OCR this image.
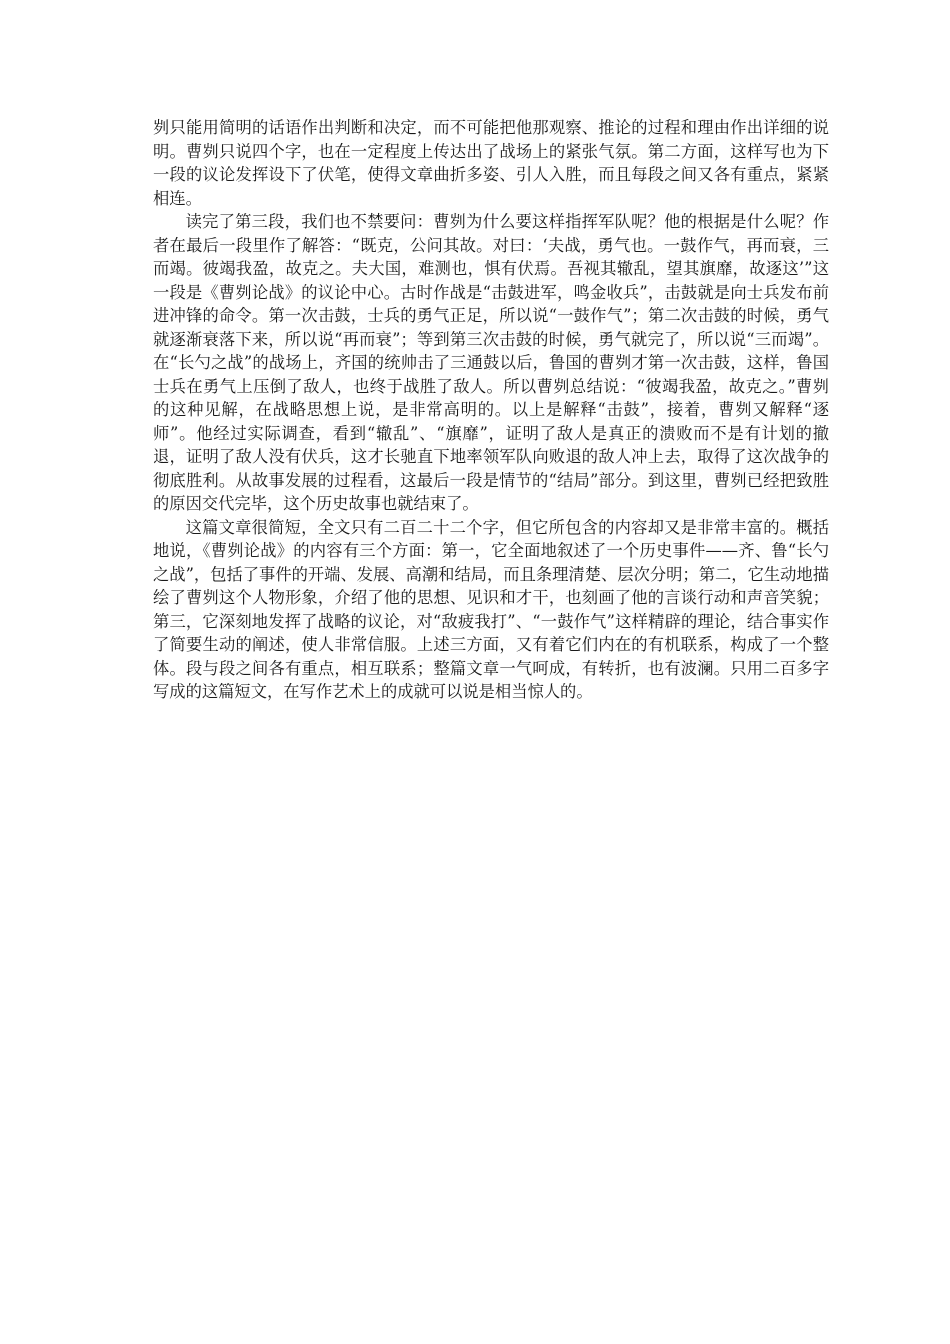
刿只能用简明的话语作出判断和决定，而不可能把他那观察、推论的过程和理由作出详细的说明。曹刿只说四个字，也在一定程度上传达出了战场上的紧张气氛。第二方面，这样写也为下一段的议论发挥设下了伏笔，使得文章曲折多姿、引人入胜，而且每段之间又各有重点，紧紧相连。

读完了第三段，我们也不禁要问：曹刿为什么要这样指挥军队呢？他的根据是什么呢？作者在最后一段里作了解答：“既克，公问其故。对曰：‘夫战，勇气也。一鼓作气，再而衰，三而竭。彼竭我盈，故克之。夫大国，难测也，惧有伏焉。吾视其辙乱，望其旗靡，故逐这’”这一段是《曹刿论战》的议论中心。古时作战是“击鼓进军，鸣金收兵”，击鼓就是向士兵发布前进冲锋的命令。第一次击鼓，士兵的勇气正足，所以说“一鼓作气”；第二次击鼓的时候，勇气就逐渐衰落下来，所以说“再而衰”；等到第三次击鼓的时候，勇气就完了，所以说“三而竭”。在“长勺之战”的战场上，齐国的统帅击了三通鼓以后，鲁国的曹刿才第一次击鼓，这样，鲁国士兵在勇气上压倒了敌人，也终于战胜了敌人。所以曹刿总结说：“彼竭我盈，故克之。”曹刿的这种见解，在战略思想上说，是非常高明的。以上是解释“击鼓”，接着，曹刿又解释“逐师”。他经过实际调查，看到“辙乱”、“旗靡”，证明了敌人是真正的溃败而不是有计划的撤退，证明了敌人没有伏兵，这才长驰直下地率领军队向败退的敌人冲上去，取得了这次战争的彻底胜利。从故事发展的过程看，这最后一段是情节的“结局”部分。到这里，曹刿已经把致胜的原因交代完毕，这个历史故事也就结束了。

这篇文章很简短，全文只有二百二十二个字，但它所包含的内容却又是非常丰富的。概括地说，《曹刿论战》的内容有三个方面：第一，它全面地叙述了一个历史事件——齐、鲁“长勺之战”，包括了事件的开端、发展、高潮和结局，而且条理清楚、层次分明；第二，它生动地描绘了曹刿这个人物形象，介绍了他的思想、见识和才干，也刻画了他的言谈行动和声音笑貌；第三，它深刻地发挥了战略的议论，对“敌疲我打”、“一鼓作气”这样精辟的理论，结合事实作了简要生动的阐述，使人非常信服。上述三方面，又有着它们内在的有机联系，构成了一个整体。段与段之间各有重点，相互联系；整篇文章一气呵成，有转折，也有波澜。只用二百多字写成的这篇短文，在写作艺术上的成就可以说是相当惊人的。
